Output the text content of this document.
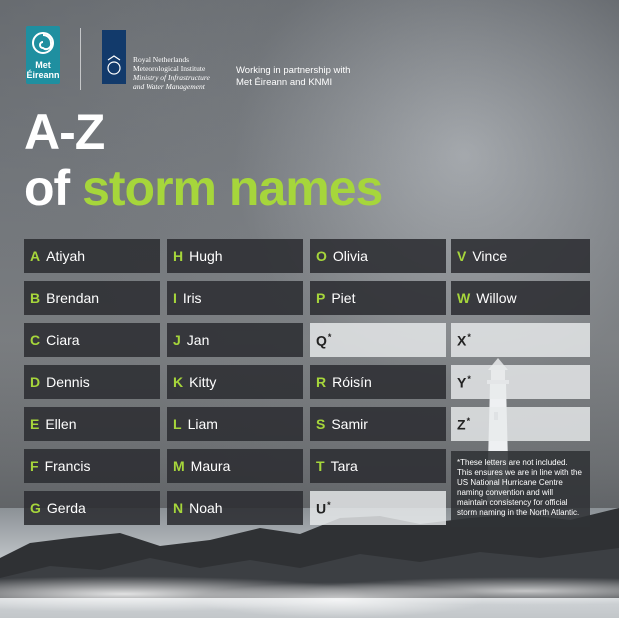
Met
Éireann
Royal Netherlands
Meteorological Institute
Ministry of Infrastructure
and Water Management
Working in partnership with
Met Éireann and KNMI
A-Z
of storm names
A Atiyah
B Brendan
C Ciara
D Dennis
E Ellen
F Francis
G Gerda
H Hugh
I Iris
J Jan
K Kitty
L Liam
M Maura
N Noah
O Olivia
P Piet
Q*
R Róisín
S Samir
T Tara
U*
V Vince
W Willow
X*
Y*
Z*
*These letters are not included. This ensures we are in line with the US National Hurricane Centre naming convention and will maintain consistency for official storm naming in the North Atlantic.
